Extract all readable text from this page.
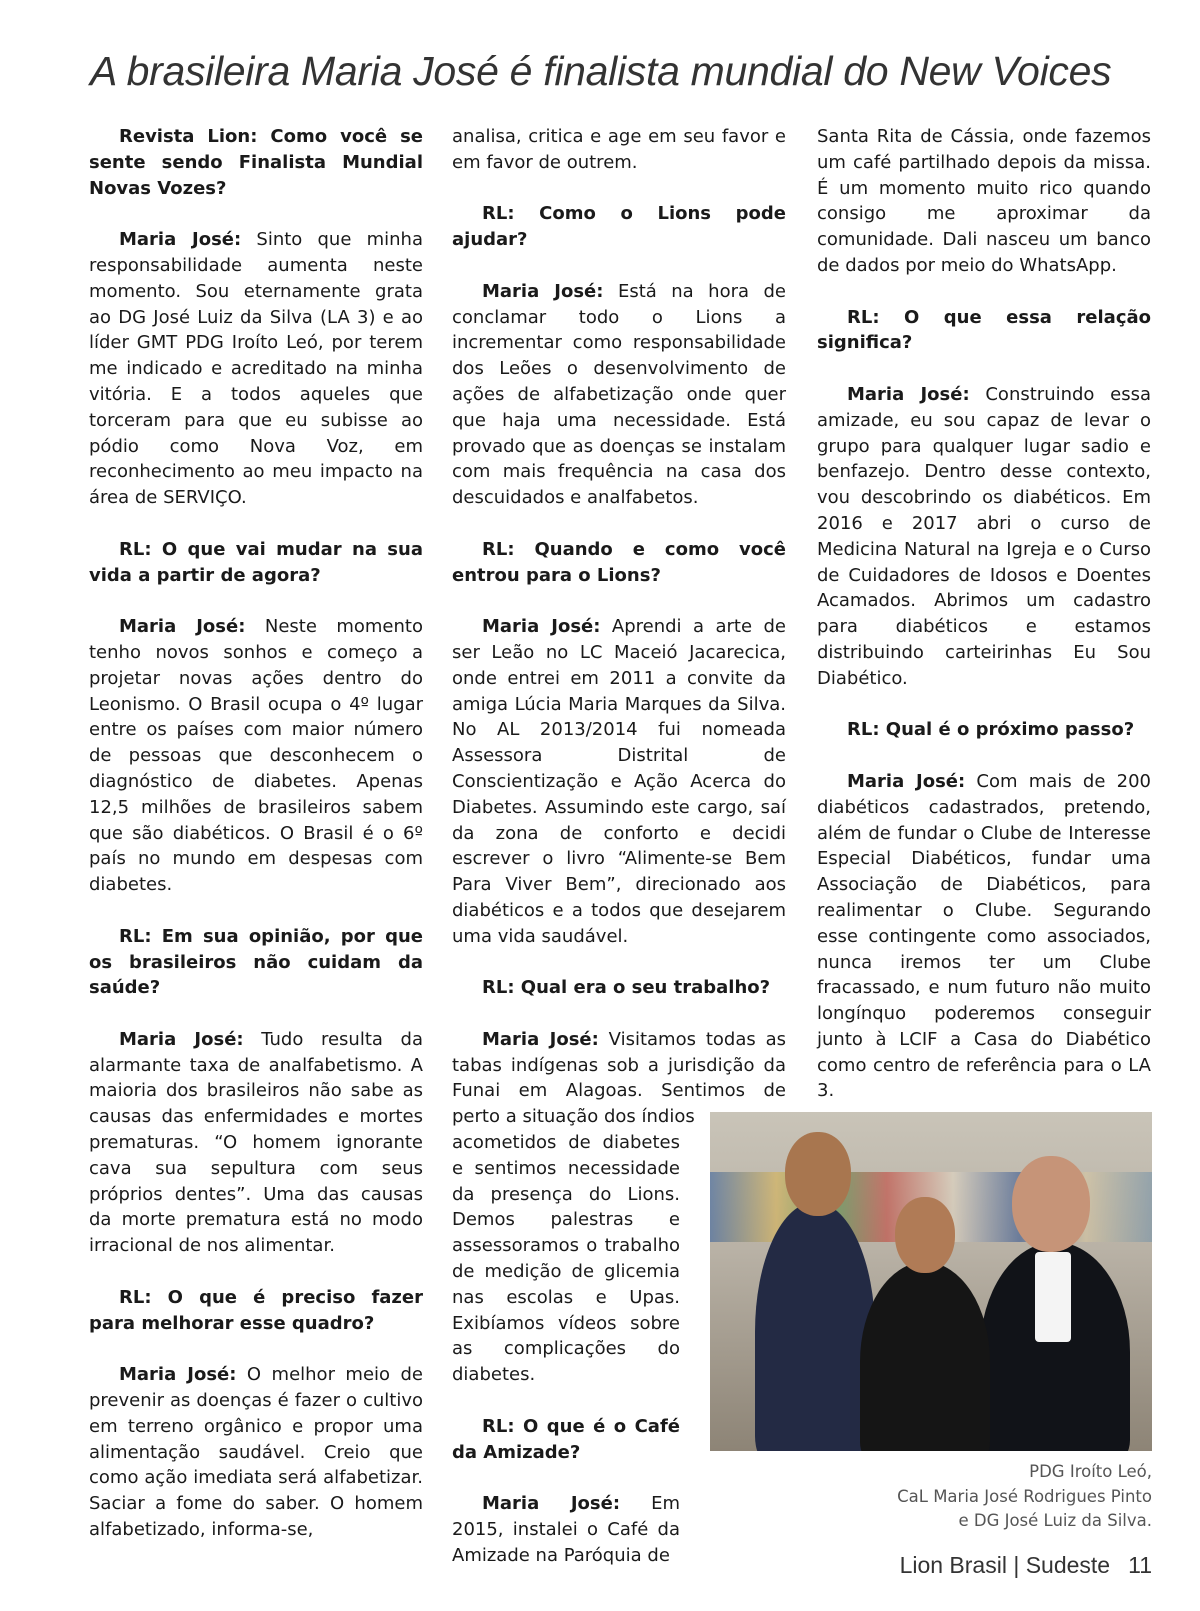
A brasileira Maria José é finalista mundial do New Voices

Revista Lion: Como você se sente sendo Finalista Mundial Novas Vozes?

Maria José: Sinto que minha responsabilidade aumenta neste momento. Sou eternamente grata ao DG José Luiz da Silva (LA 3) e ao líder GMT PDG Iroíto Leó, por terem me indicado e acreditado na minha vitória. E a todos aqueles que torceram para que eu subisse ao pódio como Nova Voz, em reconhecimento ao meu impacto na área de SERVIÇO.

RL: O que vai mudar na sua vida a partir de agora?

Maria José: Neste momento tenho novos sonhos e começo a projetar novas ações dentro do Leonismo. O Brasil ocupa o 4º lugar entre os países com maior número de pessoas que desconhecem o diagnóstico de diabetes. Apenas 12,5 milhões de brasileiros sabem que são diabéticos. O Brasil é o 6º país no mundo em despesas com diabetes.

RL: Em sua opinião, por que os brasileiros não cuidam da saúde?

Maria José: Tudo resulta da alarmante taxa de analfabetismo. A maioria dos brasileiros não sabe as causas das enfermidades e mortes prematuras. “O homem ignorante cava sua sepultura com seus próprios dentes”. Uma das causas da morte prematura está no modo irracional de nos alimentar.

RL: O que é preciso fazer para melhorar esse quadro?

Maria José: O melhor meio de prevenir as doenças é fazer o cultivo em terreno orgânico e propor uma alimentação saudável. Creio que como ação imediata será alfabetizar. Saciar a fome do saber. O homem alfabetizado, informa-se,

analisa, critica e age em seu favor e em favor de outrem.

RL: Como o Lions pode ajudar?

Maria José: Está na hora de conclamar todo o Lions a incrementar como responsabilidade dos Leões o desenvolvimento de ações de alfabetização onde quer que haja uma necessidade. Está provado que as doenças se instalam com mais frequência na casa dos descuidados e analfabetos.

RL: Quando e como você entrou para o Lions?

Maria José: Aprendi a arte de ser Leão no LC Maceió Jacarecica, onde entrei em 2011 a convite da amiga Lúcia Maria Marques da Silva. No AL 2013/2014 fui nomeada Assessora Distrital de Conscientização e Ação Acerca do Diabetes. Assumindo este cargo, saí da zona de conforto e decidi escrever o livro “Alimente-se Bem Para Viver Bem”, direcionado aos diabéticos e a todos que desejarem uma vida saudável.

RL: Qual era o seu trabalho?

Maria José: Visitamos todas as tabas indígenas sob a jurisdição da Funai em Alagoas. Sentimos de perto a situação dos índios

acometidos de diabetes e sentimos necessidade da presença do Lions. Demos palestras e assessoramos o trabalho de medição de glicemia nas escolas e Upas. Exibíamos vídeos sobre as complicações do diabetes.

RL: O que é o Café da Amizade?

Maria José: Em 2015, instalei o Café da Amizade na Paróquia de

Santa Rita de Cássia, onde fazemos um café partilhado depois da missa. É um momento muito rico quando consigo me aproximar da comunidade. Dali nasceu um banco de dados por meio do WhatsApp.

RL: O que essa relação significa?

Maria José: Construindo essa amizade, eu sou capaz de levar o grupo para qualquer lugar sadio e benfazejo. Dentro desse contexto, vou descobrindo os diabéticos. Em 2016 e 2017 abri o curso de Medicina Natural na Igreja e o Curso de Cuidadores de Idosos e Doentes Acamados. Abrimos um cadastro para diabéticos e estamos distribuindo carteirinhas Eu Sou Diabético.

RL: Qual é o próximo passo?

Maria José: Com mais de 200 diabéticos cadastrados, pretendo, além de fundar o Clube de Interesse Especial Diabéticos, fundar uma Associação de Diabéticos, para realimentar o Clube. Segurando esse contingente como associados, nunca iremos ter um Clube fracassado, e num futuro não muito longínquo poderemos conseguir junto à LCIF a Casa do Diabético como centro de referência para o LA 3.

PDG Iroíto Leó,
CaL Maria José Rodrigues Pinto
e DG José Luiz da Silva.
Lion Brasil | Sudeste 11
